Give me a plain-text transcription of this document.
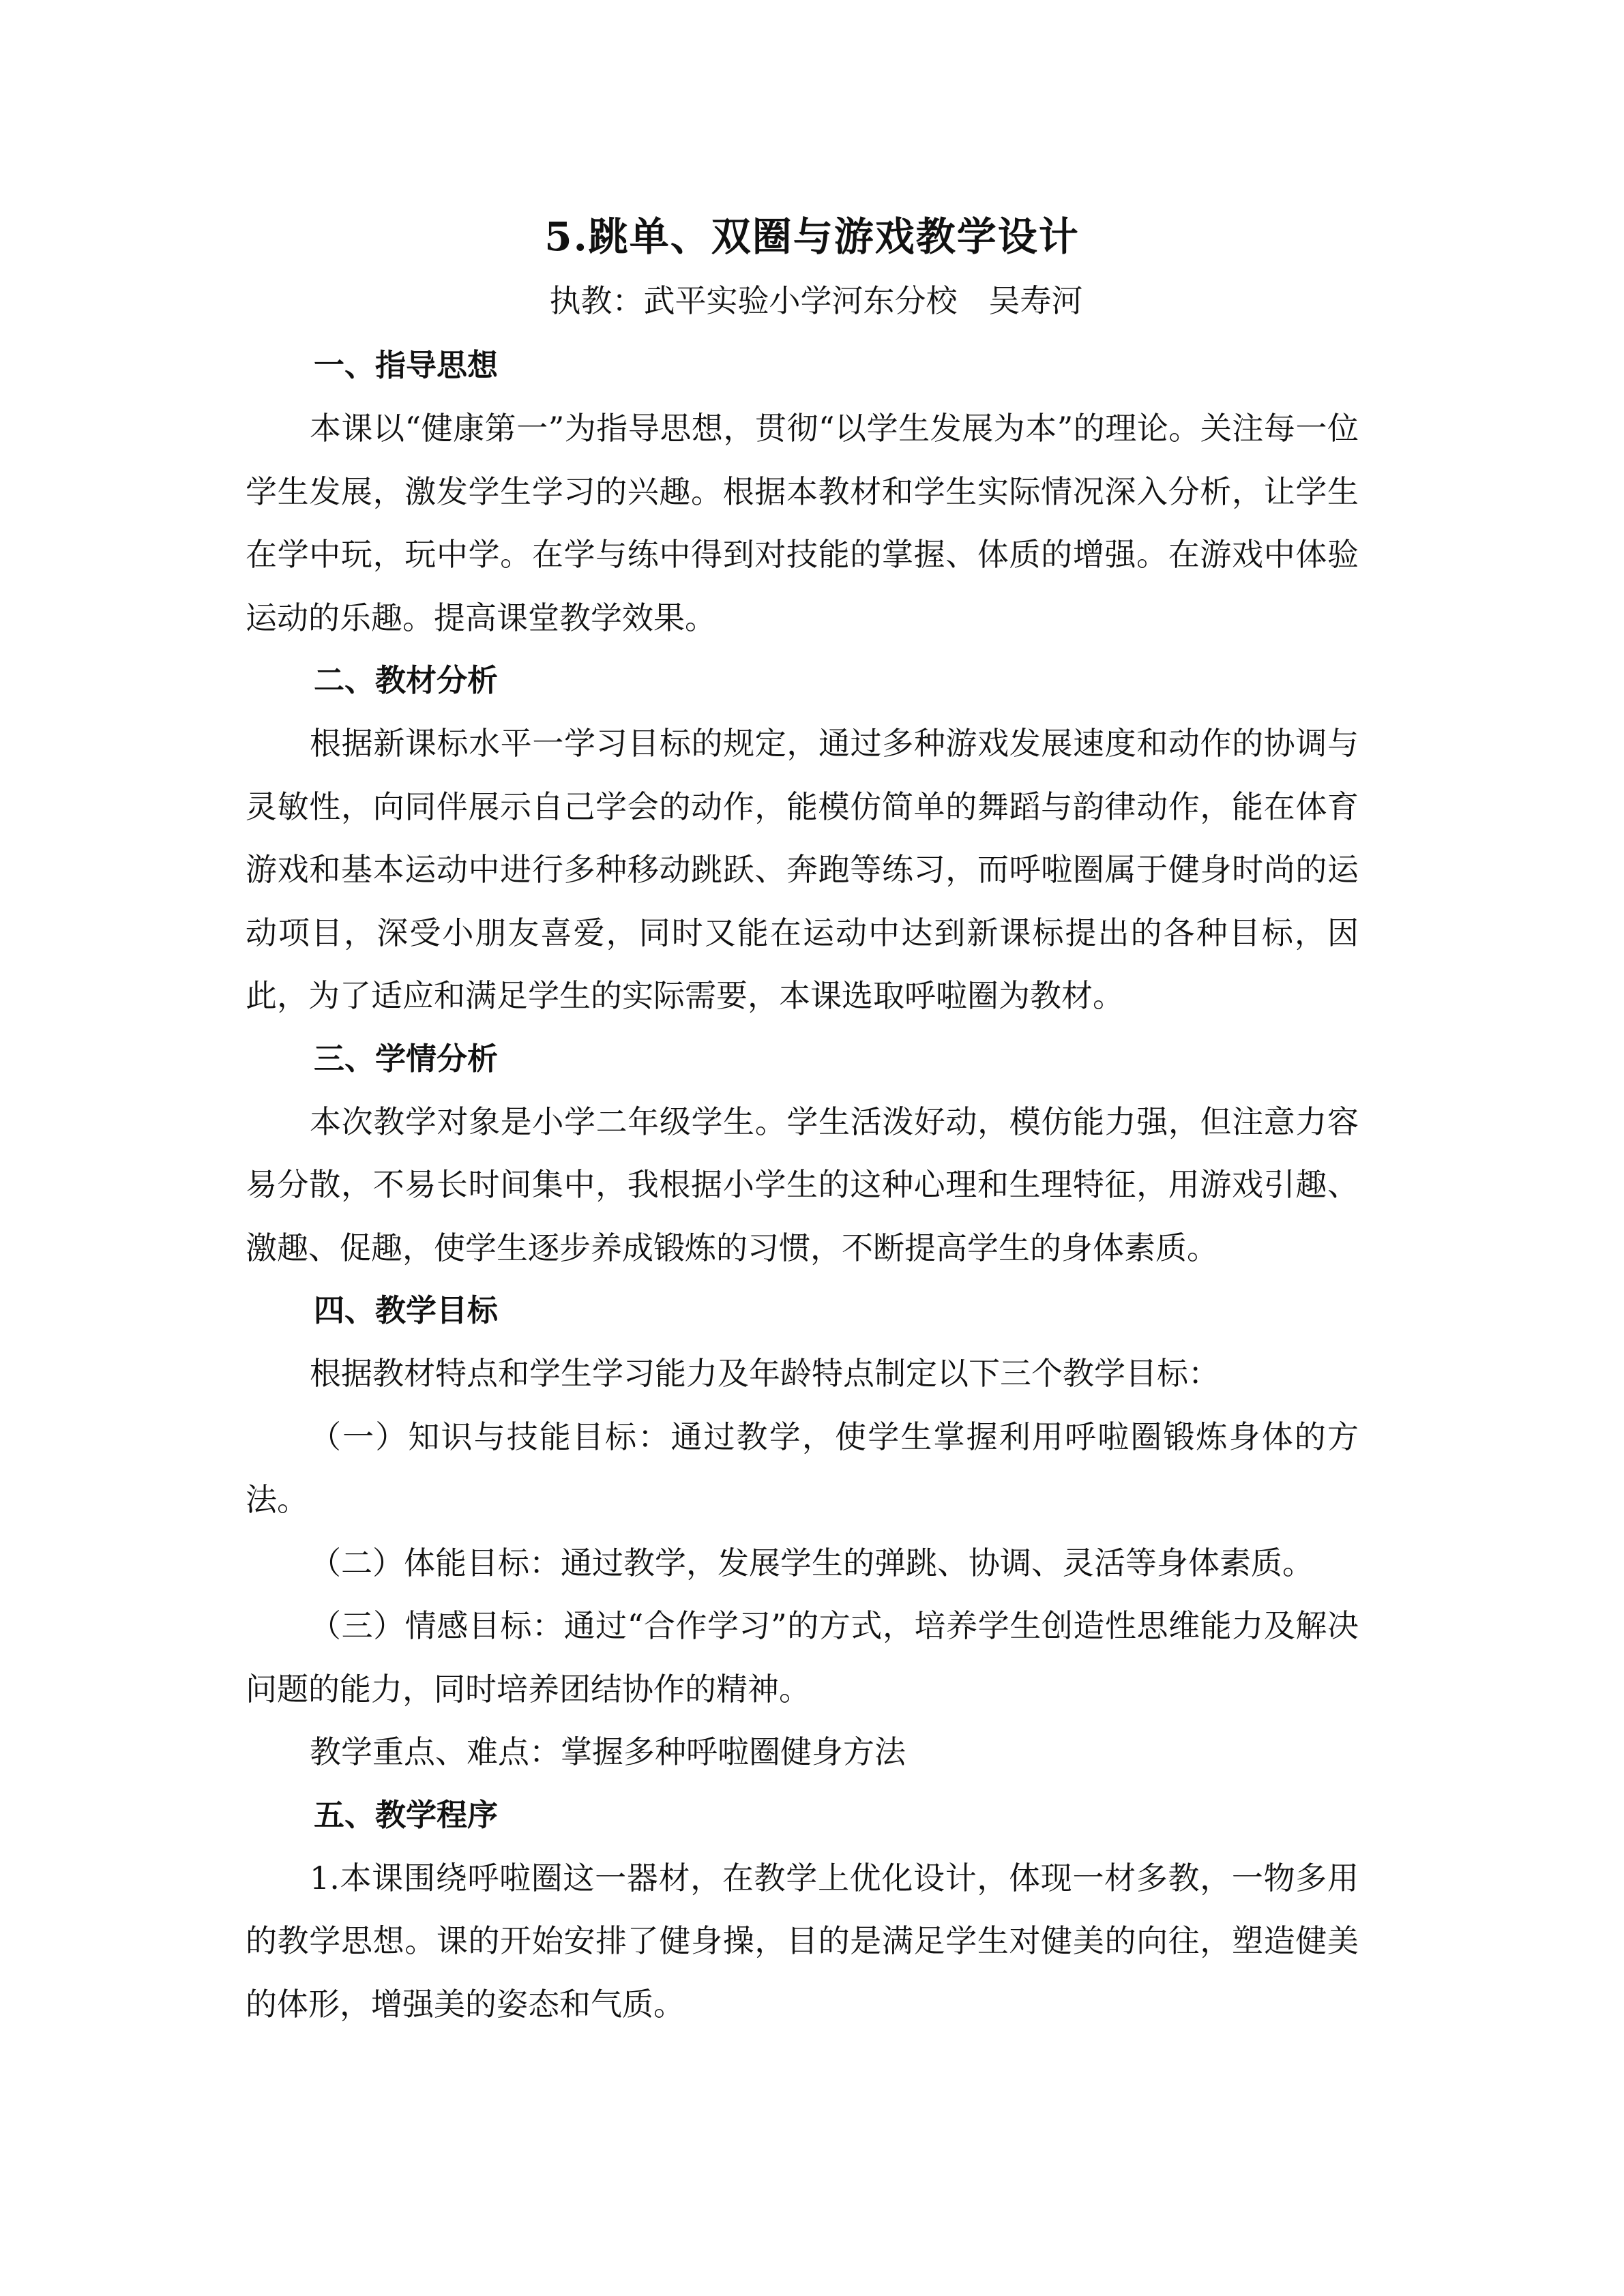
5.跳单、双圈与游戏教学设计
执教：武平实验小学河东分校　吴寿河
一、指导思想

本课以“健康第一”为指导思想，贯彻“以学生发展为本”的理论。关注每一位学生发展，激发学生学习的兴趣。根据本教材和学生实际情况深入分析，让学生在学中玩，玩中学。在学与练中得到对技能的掌握、体质的增强。在游戏中体验运动的乐趣。提高课堂教学效果。

二、教材分析

根据新课标水平一学习目标的规定，通过多种游戏发展速度和动作的协调与灵敏性，向同伴展示自己学会的动作，能模仿简单的舞蹈与韵律动作，能在体育游戏和基本运动中进行多种移动跳跃、奔跑等练习，而呼啦圈属于健身时尚的运动项目，深受小朋友喜爱，同时又能在运动中达到新课标提出的各种目标，因此，为了适应和满足学生的实际需要，本课选取呼啦圈为教材。

三、学情分析

本次教学对象是小学二年级学生。学生活泼好动，模仿能力强，但注意力容易分散，不易长时间集中，我根据小学生的这种心理和生理特征，用游戏引趣、激趣、促趣，使学生逐步养成锻炼的习惯，不断提高学生的身体素质。

四、教学目标

根据教材特点和学生学习能力及年龄特点制定以下三个教学目标：

（一）知识与技能目标：通过教学，使学生掌握利用呼啦圈锻炼身体的方法。

（二）体能目标：通过教学，发展学生的弹跳、协调、灵活等身体素质。

（三）情感目标：通过“合作学习”的方式，培养学生创造性思维能力及解决问题的能力，同时培养团结协作的精神。

教学重点、难点：掌握多种呼啦圈健身方法

五、教学程序

1.本课围绕呼啦圈这一器材，在教学上优化设计，体现一材多教，一物多用的教学思想。课的开始安排了健身操，目的是满足学生对健美的向往，塑造健美的体形，增强美的姿态和气质。
